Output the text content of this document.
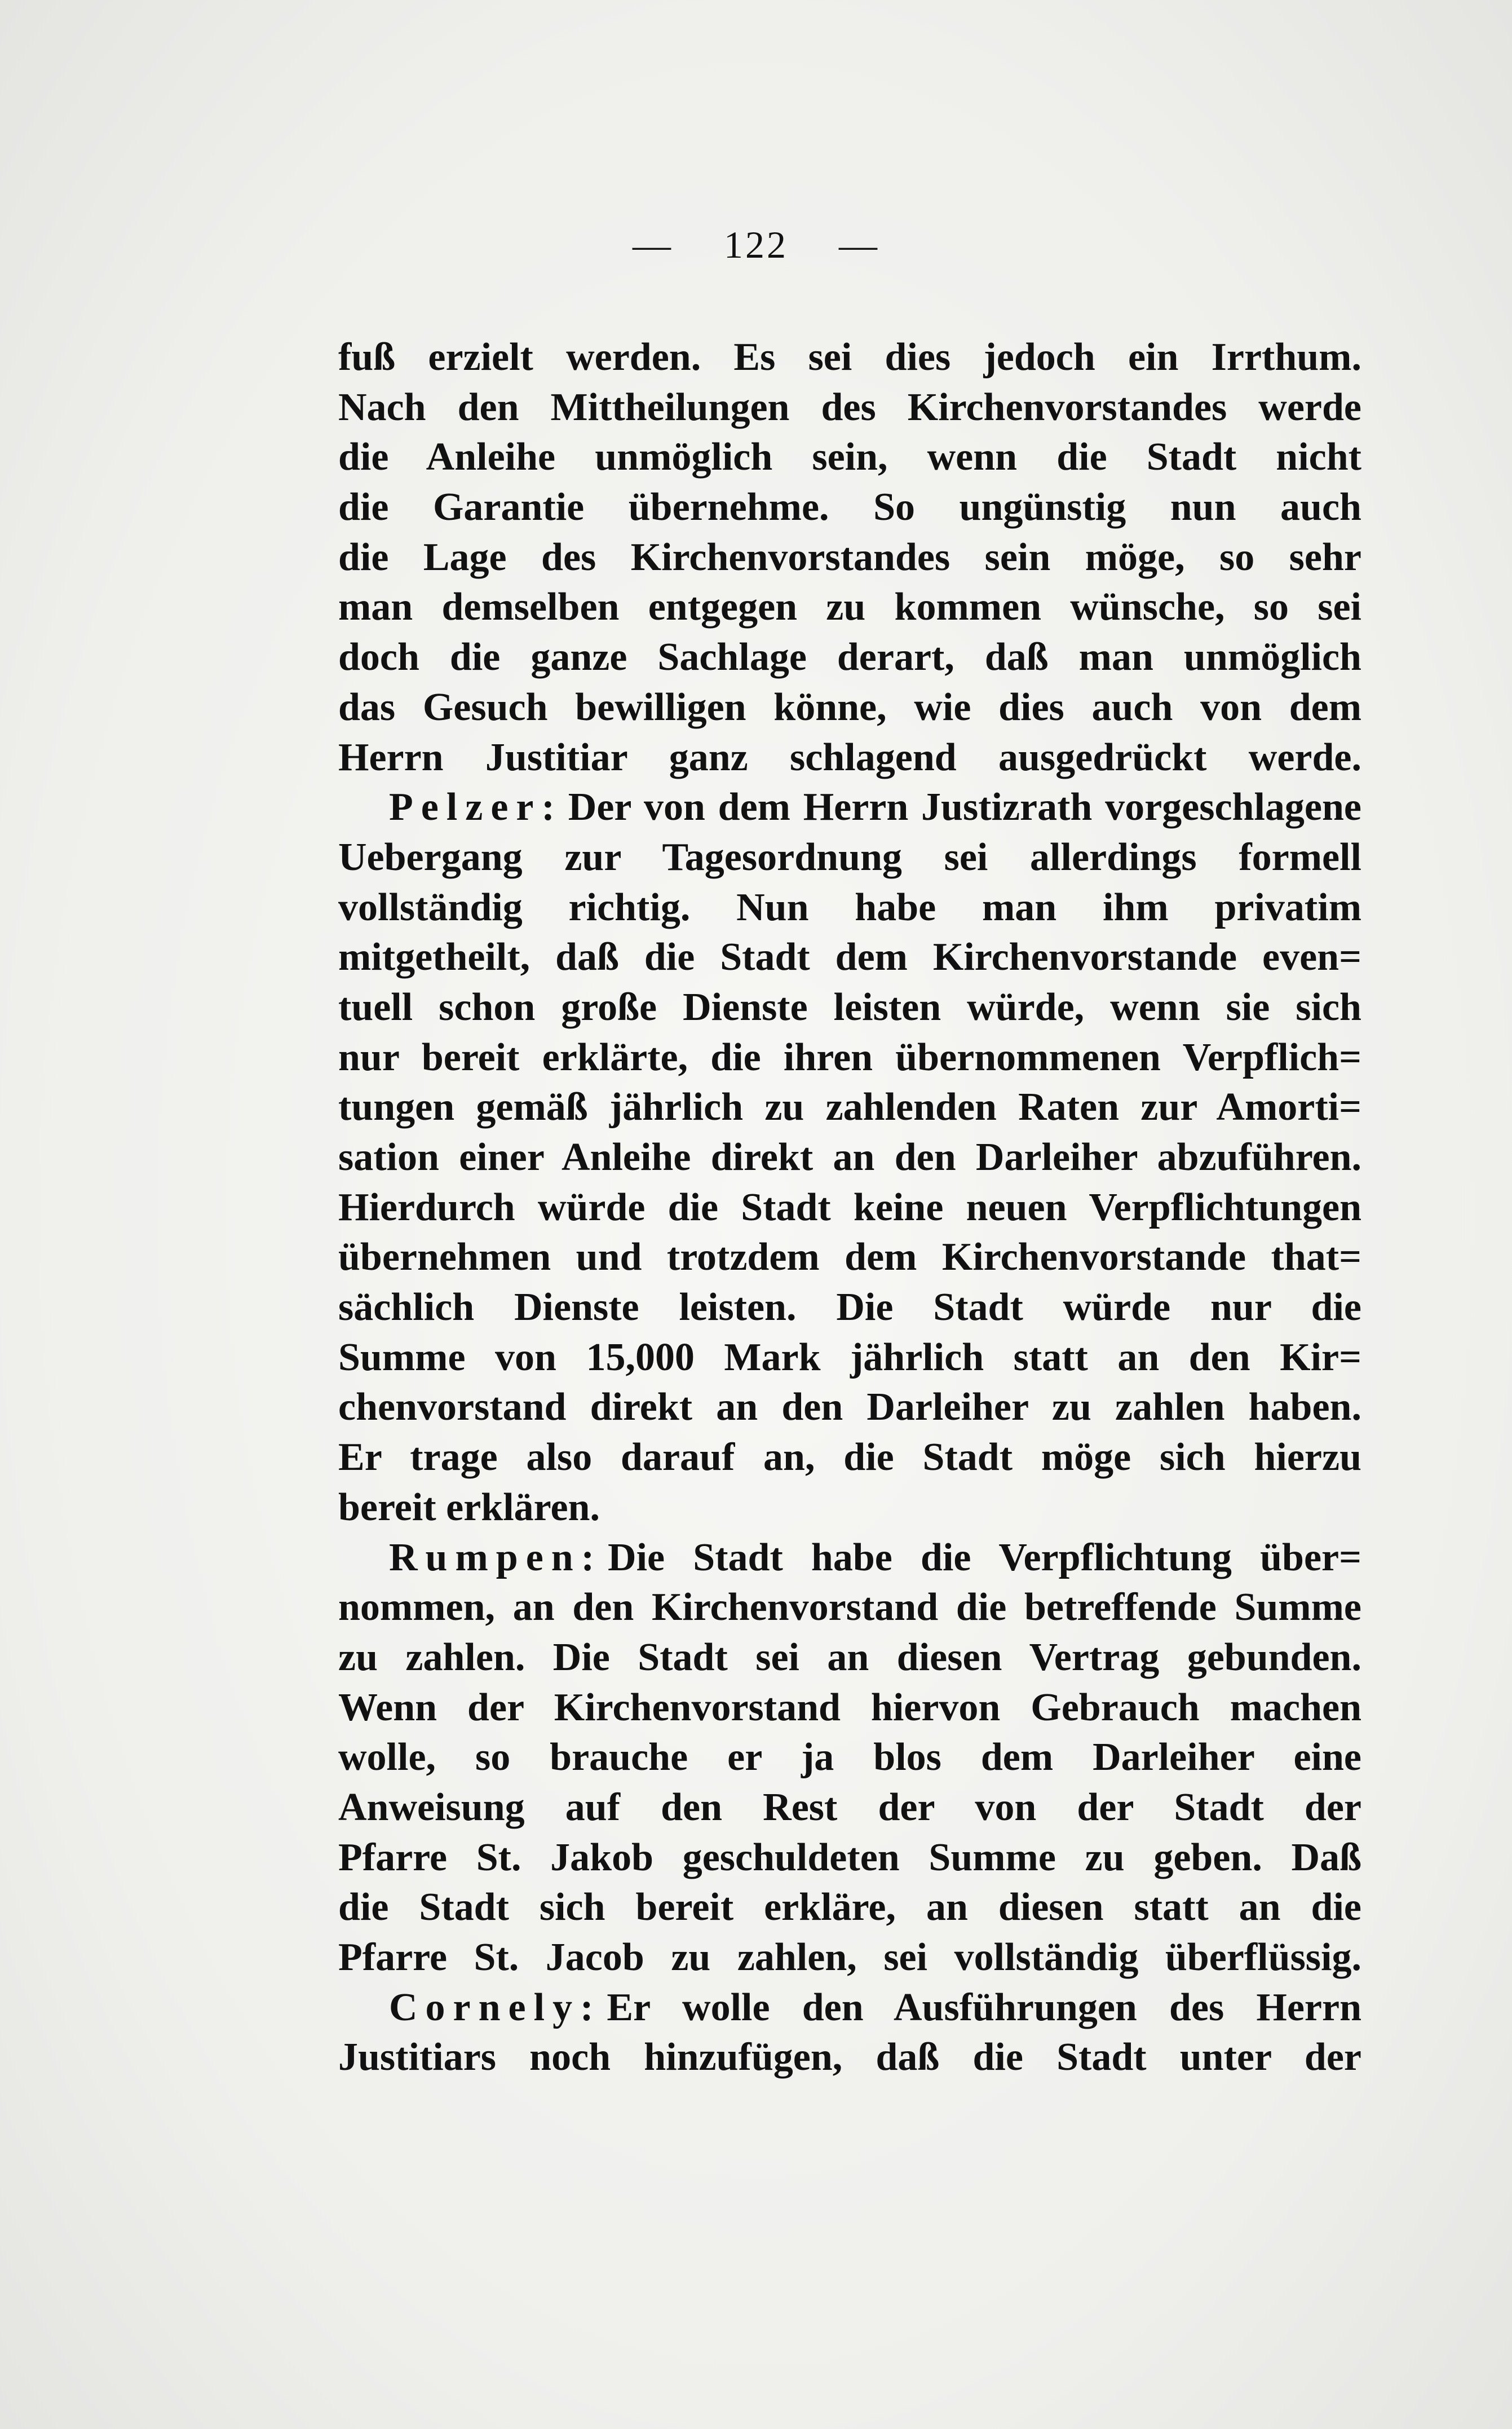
— 122 —
fuß erzielt werden. Es sei dies jedoch ein Irrthum.
Nach den Mittheilungen des Kirchenvorstandes werde
die Anleihe unmöglich sein, wenn die Stadt nicht
die Garantie übernehme. So ungünstig nun auch
die Lage des Kirchenvorstandes sein möge, so sehr
man demselben entgegen zu kommen wünsche, so sei
doch die ganze Sachlage derart, daß man unmöglich
das Gesuch bewilligen könne, wie dies auch von dem
Herrn Justitiar ganz schlagend ausgedrückt werde.
Pelzer: Der von dem Herrn Justizrath vorgeschlagene
Uebergang zur Tagesordnung sei allerdings formell
vollständig richtig. Nun habe man ihm privatim
mitgetheilt, daß die Stadt dem Kirchenvorstande even=
tuell schon große Dienste leisten würde, wenn sie sich
nur bereit erklärte, die ihren übernommenen Verpflich=
tungen gemäß jährlich zu zahlenden Raten zur Amorti=
sation einer Anleihe direkt an den Darleiher abzuführen.
Hierdurch würde die Stadt keine neuen Verpflichtungen
übernehmen und trotzdem dem Kirchenvorstande that=
sächlich Dienste leisten. Die Stadt würde nur die
Summe von 15,000 Mark jährlich statt an den Kir=
chenvorstand direkt an den Darleiher zu zahlen haben.
Er trage also darauf an, die Stadt möge sich hierzu
bereit erklären.
Rumpen: Die Stadt habe die Verpflichtung über=
nommen, an den Kirchenvorstand die betreffende Summe
zu zahlen. Die Stadt sei an diesen Vertrag gebunden.
Wenn der Kirchenvorstand hiervon Gebrauch machen
wolle, so brauche er ja blos dem Darleiher eine
Anweisung auf den Rest der von der Stadt der
Pfarre St. Jakob geschuldeten Summe zu geben. Daß
die Stadt sich bereit erkläre, an diesen statt an die
Pfarre St. Jacob zu zahlen, sei vollständig überflüssig.
Cornely: Er wolle den Ausführungen des Herrn
Justitiars noch hinzufügen, daß die Stadt unter der
